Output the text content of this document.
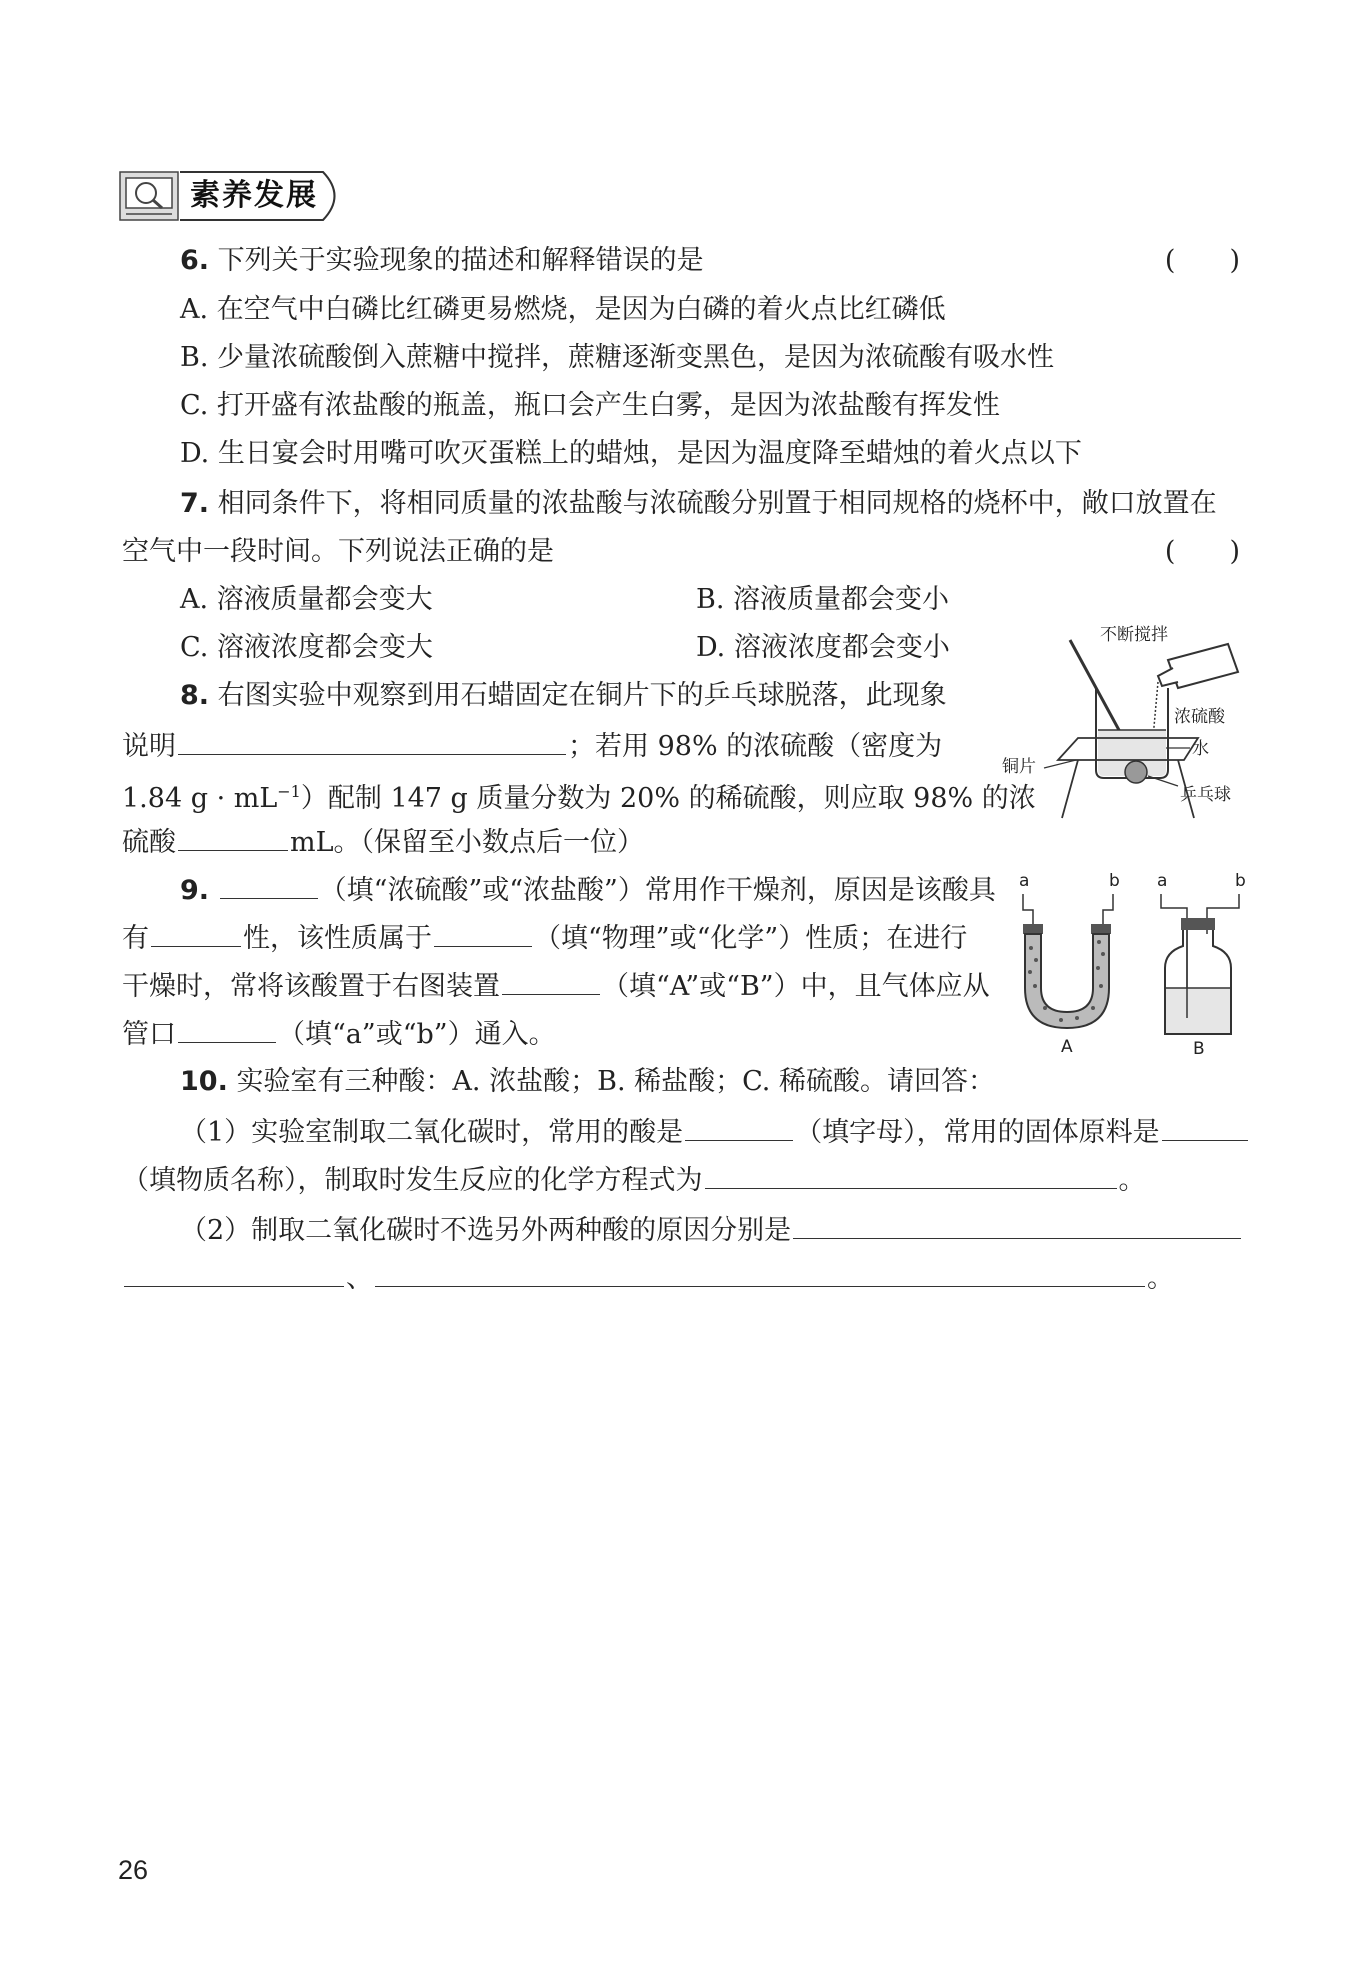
素养发展
6. 下列关于实验现象的描述和解释错误的是	( )
A. 在空气中白磷比红磷更易燃烧，是因为白磷的着火点比红磷低
B. 少量浓硫酸倒入蔗糖中搅拌，蔗糖逐渐变黑色，是因为浓硫酸有吸水性
C. 打开盛有浓盐酸的瓶盖，瓶口会产生白雾，是因为浓盐酸有挥发性
D. 生日宴会时用嘴可吹灭蛋糕上的蜡烛，是因为温度降至蜡烛的着火点以下
7. 相同条件下，将相同质量的浓盐酸与浓硫酸分别置于相同规格的烧杯中，敞口放置在
空气中一段时间。下列说法正确的是	( )
A. 溶液质量都会变大	B. 溶液质量都会变小
C. 溶液浓度都会变大	D. 溶液浓度都会变小
8. 右图实验中观察到用石蜡固定在铜片下的乒乓球脱落，此现象
说明	；若用 98% 的浓硫酸（密度为
1.84 $g \cdot mL^{-1}$）配制 147 g 质量分数为 20% 的稀硫酸，则应取 98% 的浓
硫酸	mL。（保留至小数点后一位）
不断搅拌
浓硫酸
水
铜片
乒乓球
9.	（填“浓硫酸”或“浓盐酸”）常用作干燥剂，原因是该酸具
有	性，该性质属于	（填“物理”或“化学”）性质；在进行
干燥时，常将该酸置于右图装置	（填“A”或“B”）中，且气体应从
管口	（填“a”或“b”）通入。
a	b
A
a	b
B
10. 实验室有三种酸：A. 浓盐酸；B. 稀盐酸；C. 稀硫酸。请回答：
（1）实验室制取二氧化碳时，常用的酸是	（填字母），常用的固体原料是
（填物质名称），制取时发生反应的化学方程式为	。
（2）制取二氧化碳时不选另外两种酸的原因分别是
、	。
26
